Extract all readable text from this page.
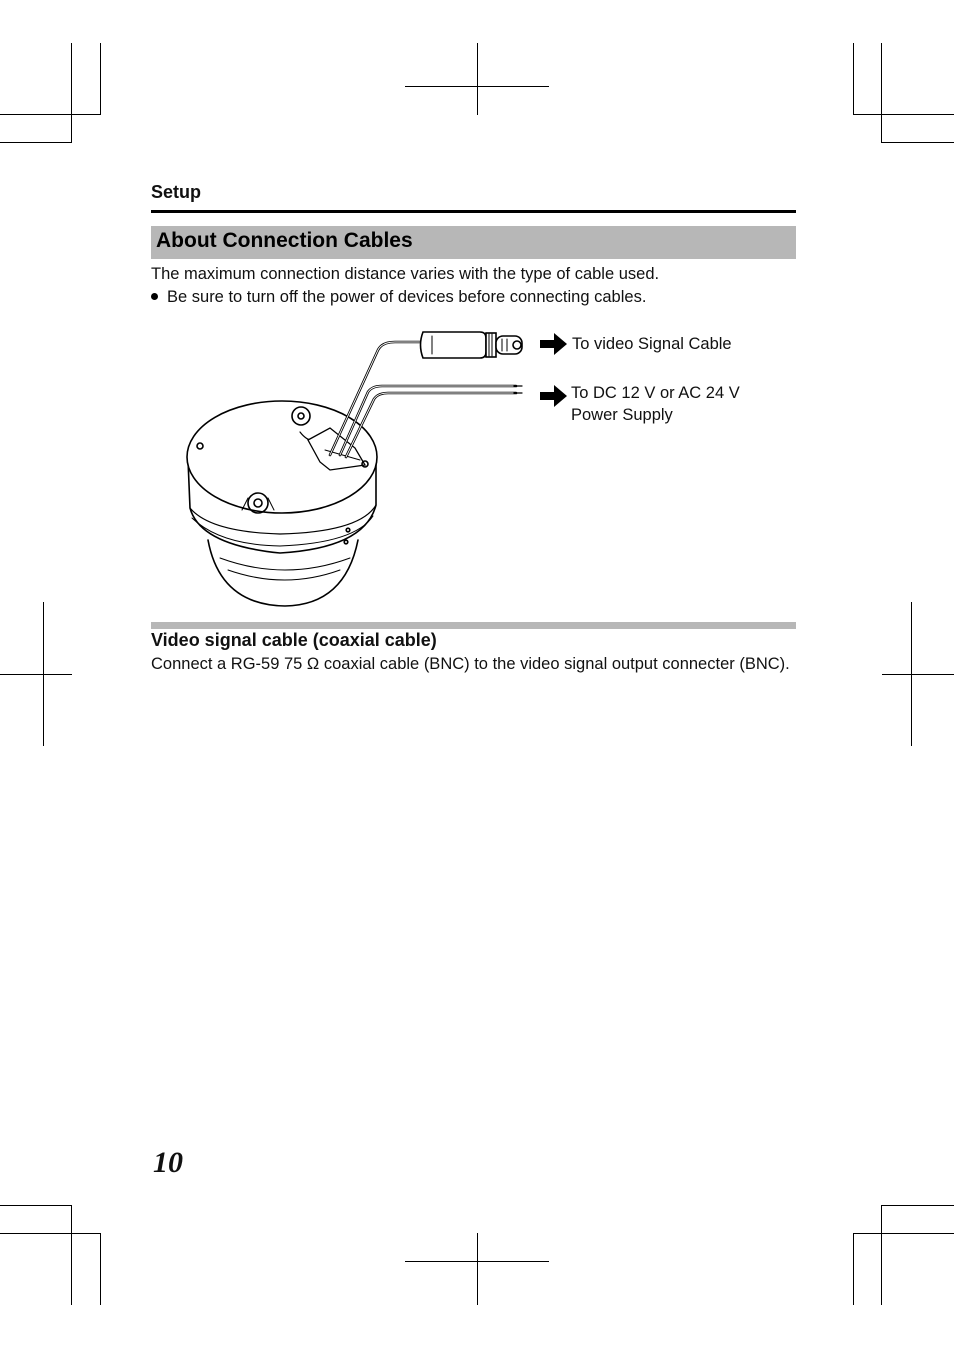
Setup
About Connection Cables
The maximum connection distance varies with the type of cable used.
Be sure to turn off the power of devices before connecting cables.
To video Signal Cable
To DC 12 V or AC 24 V
Power Supply
Video signal cable (coaxial cable)
Connect a RG-59 75 Ω coaxial cable (BNC) to the video signal output connecter (BNC).
10
